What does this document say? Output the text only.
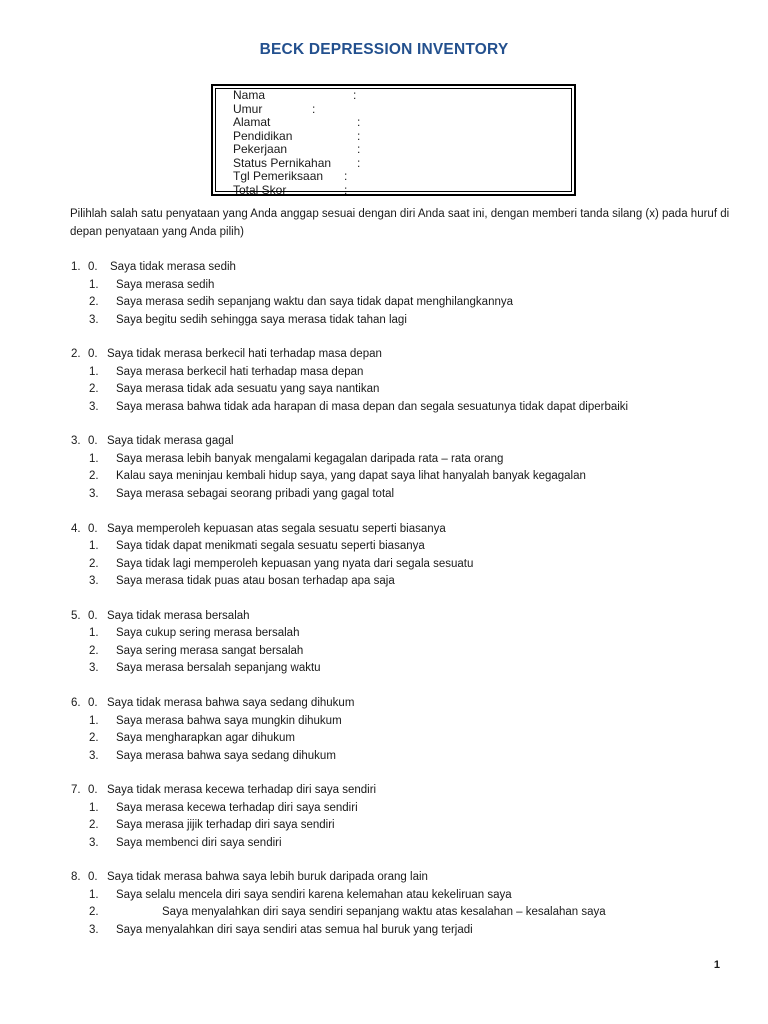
BECK DEPRESSION INVENTORY
Nama	:
Umur	:
Alamat	:
Pendidikan	:
Pekerjaan	:
Status Pernikahan :
Tgl Pemeriksaan :
Total Skor	:
Pilihlah salah satu penyataan yang Anda anggap sesuai dengan diri Anda saat ini, dengan memberi tanda silang (x) pada huruf di depan penyataan yang Anda pilih)
1. 0. Saya tidak merasa sedih
1. Saya merasa sedih
2. Saya merasa sedih sepanjang waktu dan saya tidak dapat menghilangkannya
3. Saya begitu sedih sehingga saya merasa tidak tahan lagi
2. 0. Saya tidak merasa berkecil hati terhadap masa depan
1. Saya merasa berkecil hati terhadap masa depan
2. Saya merasa tidak ada sesuatu yang saya nantikan
3. Saya merasa bahwa tidak ada harapan di masa depan dan segala sesuatunya tidak dapat diperbaiki
3. 0. Saya tidak merasa gagal
1. Saya merasa lebih banyak mengalami kegagalan daripada rata – rata orang
2. Kalau saya meninjau kembali hidup saya, yang dapat saya lihat hanyalah banyak kegagalan
3. Saya merasa sebagai seorang pribadi yang gagal total
4. 0. Saya memperoleh kepuasan atas segala sesuatu seperti biasanya
1. Saya tidak dapat menikmati segala sesuatu seperti biasanya
2. Saya tidak lagi memperoleh kepuasan yang nyata dari segala sesuatu
3. Saya merasa tidak puas atau bosan terhadap apa saja
5. 0. Saya tidak merasa bersalah
1. Saya cukup sering merasa bersalah
2. Saya sering merasa sangat bersalah
3. Saya merasa bersalah sepanjang waktu
6. 0. Saya tidak merasa bahwa saya sedang dihukum
1. Saya merasa bahwa saya mungkin dihukum
2. Saya mengharapkan agar dihukum
3. Saya merasa bahwa saya sedang dihukum
7. 0. Saya tidak merasa kecewa terhadap diri saya sendiri
1. Saya merasa kecewa terhadap diri saya sendiri
2. Saya merasa jijik terhadap diri saya sendiri
3. Saya membenci diri saya sendiri
8. 0. Saya tidak merasa bahwa saya lebih buruk daripada orang lain
1. Saya selalu mencela diri saya sendiri karena kelemahan atau kekeliruan saya
2.	Saya menyalahkan diri saya sendiri sepanjang waktu atas kesalahan – kesalahan saya
3. Saya menyalahkan diri saya sendiri atas semua hal buruk yang terjadi
1
